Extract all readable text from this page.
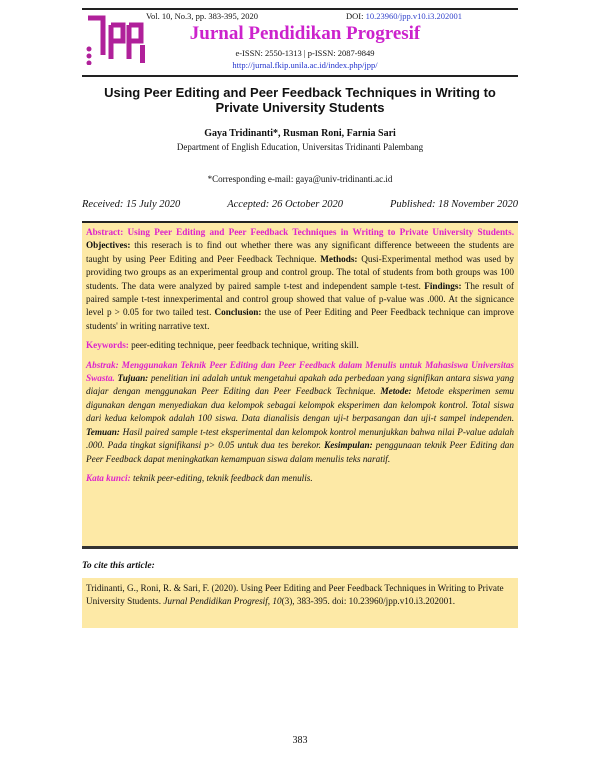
Vol. 10, No.3, pp. 383-395, 2020	DOI: 10.23960/jpp.v10.i3.202001
Jurnal Pendidikan Progresif
e-ISSN: 2550-1313 | p-ISSN: 2087-9849
http://jurnal.fkip.unila.ac.id/index.php/jpp/
Using Peer Editing and Peer Feedback Techniques in Writing to Private University Students
Gaya Tridinanti*, Rusman Roni, Farnia Sari
Department of English Education, Universitas Tridinanti Palembang
*Corresponding e-mail: gaya@univ-tridinanti.ac.id
Received: 15 July 2020	Accepted: 26 October 2020	Published: 18 November 2020

Abstract: Using Peer Editing and Peer Feedback Techniques in Writing to Private University Students. Objectives: this reserach is to find out whether there was any significant difference betweeen the students are taught by using Peer Editing and Peer Feedback Technique. Methods: Qusi-Experimental method was used by providing two groups as an experimental group and control group. The total of students from both groups was 100 students. The data were analyzed by paired sample t-test and independent sample t-test. Findings: The result of paired sample t-test innexperimental and control group showed that value of p-value was .000. At the signicance level p > 0.05 for two tailed test. Conclusion: the use of Peer Editing and Peer Feedback technique can improve students' in writing narrative text.

Keywords: peer-editing technique, peer feedback technique, writing skill.

Abstrak: Menggunakan Teknik Peer Editing dan Peer Feedback dalam Menulis untuk Mahasiswa Universitas Swasta. Tujuan: penelitian ini adalah untuk mengetahui apakah ada perbedaan yang signifikan antara siswa yang diajar dengan menggunakan Peer Editing dan Peer Feedback Technique. Metode: Metode eksperimen semu digunakan dengan menyediakan dua kelompok sebagai kelompok eksperimen dan kelompok kontrol. Total siswa dari kedua kelompok adalah 100 siswa. Data dianalisis dengan uji-t berpasangan dan uji-t sampel independen. Temuan: Hasil paired sample t-test eksperimental dan kelompok kontrol menunjukkan bahwa nilai P-value adalah .000. Pada tingkat signifikansi p> 0.05 untuk dua tes berekor. Kesimpulan: penggunaan teknik Peer Editing dan Peer Feedback dapat meningkatkan kemampuan siswa dalam menulis teks naratif.

Kata kunci: teknik peer-editing, teknik feedback dan menulis.

To cite this article:
Tridinanti, G., Roni, R. & Sari, F. (2020). Using Peer Editing and Peer Feedback Techniques in Writing to Private University Students. Jurnal Pendidikan Progresif, 10(3), 383-395. doi: 10.23960/jpp.v10.i3.202001.
383
